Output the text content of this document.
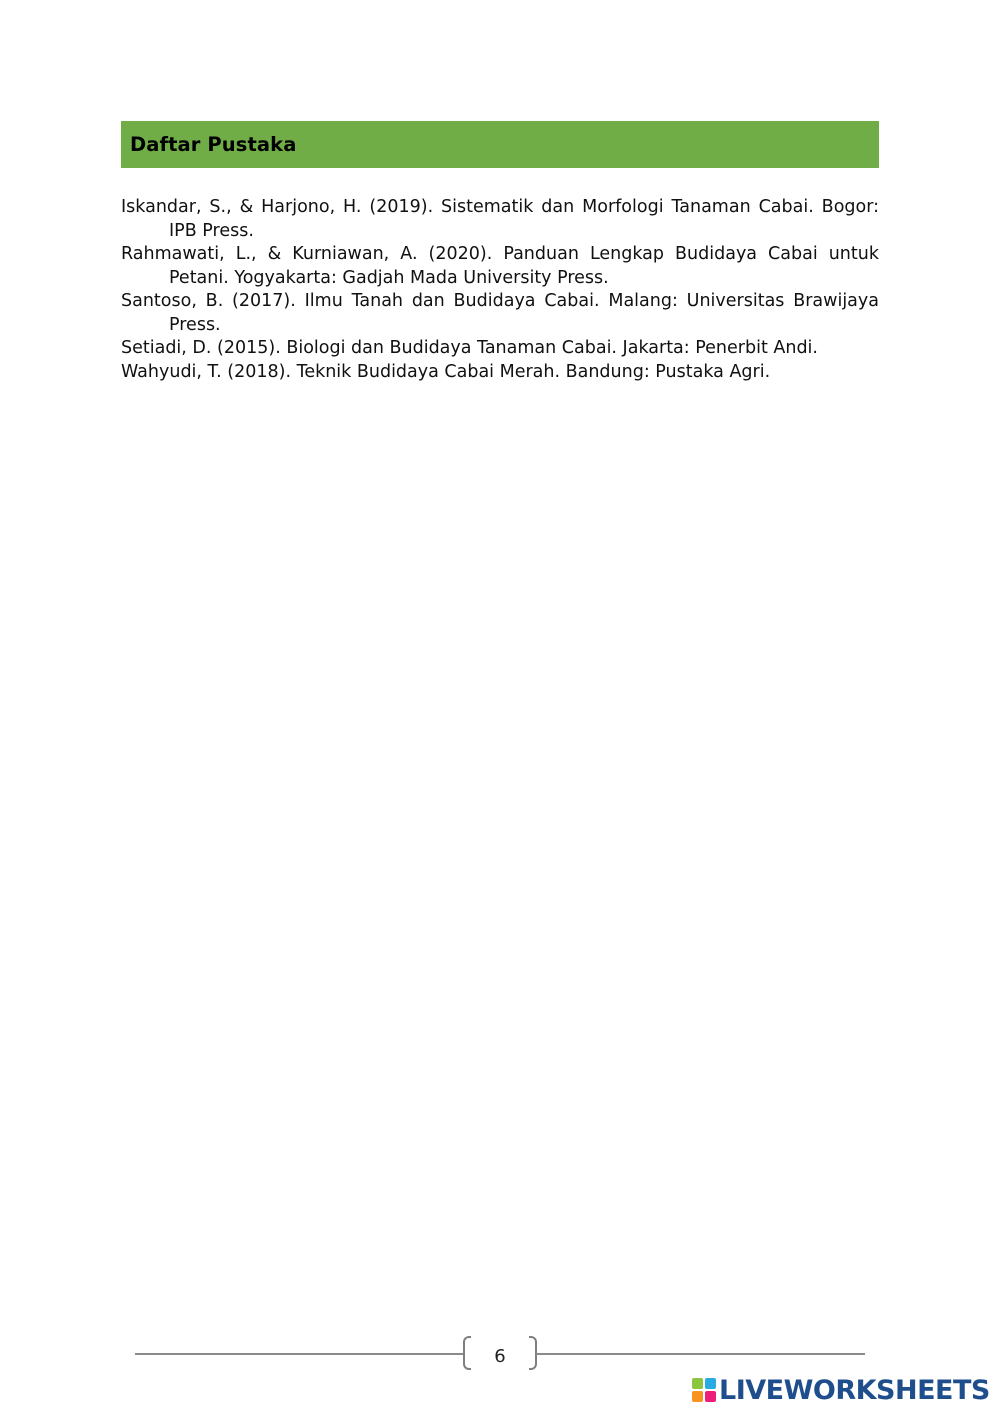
Daftar Pustaka

Iskandar, S., & Harjono, H. (2019). Sistematik dan Morfologi Tanaman Cabai. Bogor: IPB Press.

Rahmawati, L., & Kurniawan, A. (2020). Panduan Lengkap Budidaya Cabai untuk Petani. Yogyakarta: Gadjah Mada University Press.

Santoso, B. (2017). Ilmu Tanah dan Budidaya Cabai. Malang: Universitas Brawijaya Press.

Setiadi, D. (2015). Biologi dan Budidaya Tanaman Cabai. Jakarta: Penerbit Andi.

Wahyudi, T. (2018). Teknik Budidaya Cabai Merah. Bandung: Pustaka Agri.

6
LIVEWORKSHEETS
